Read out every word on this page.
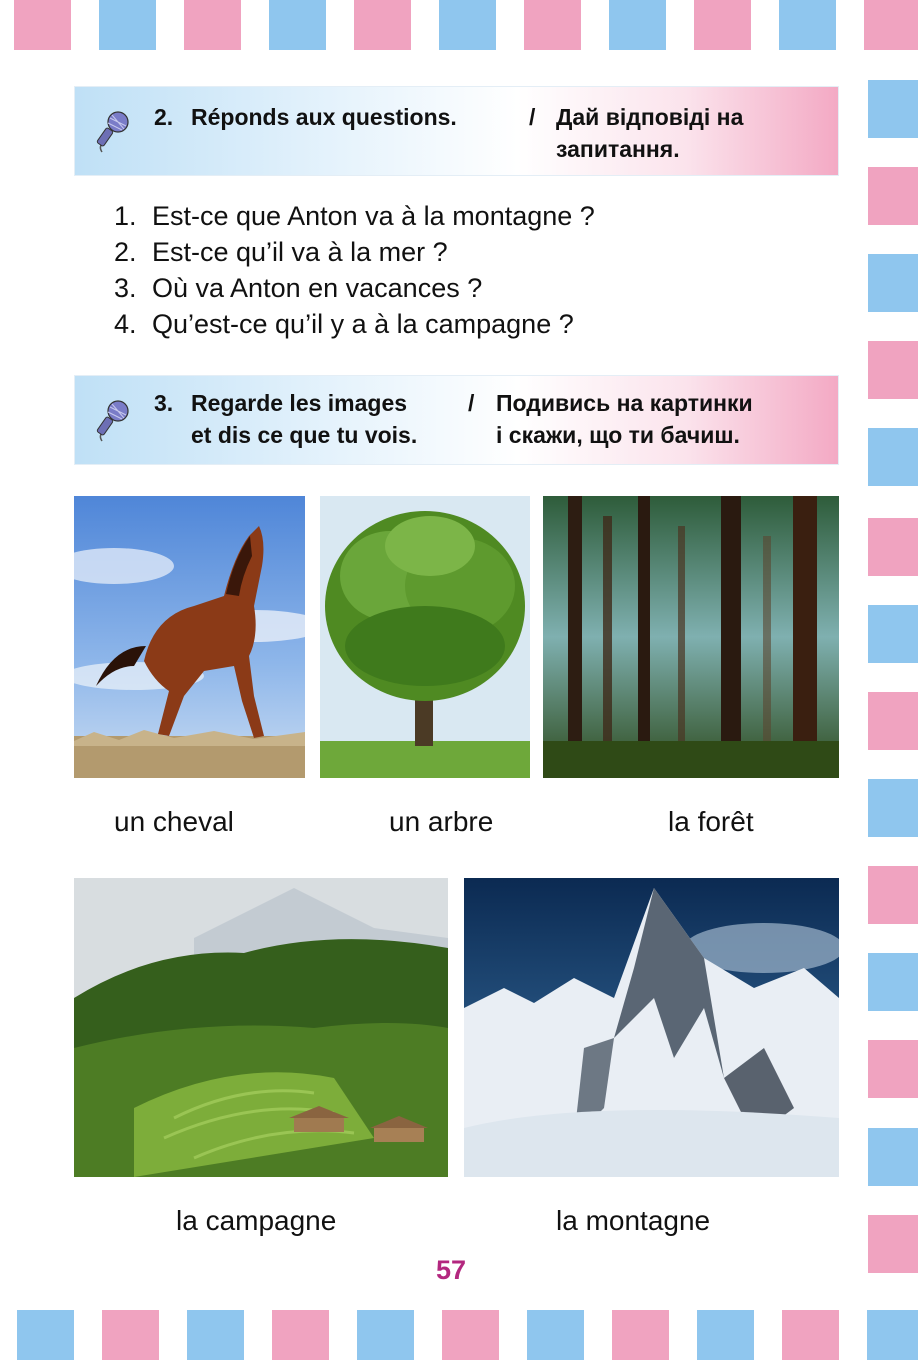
2. Réponds aux questions.	/ Дай відповіді на
запитання.
1. Est-ce que Anton va à la montagne ?
2. Est-ce qu’il va à la mer ?
3. Où va Anton en vacances ?
4. Qu’est-ce qu’il y a à la campagne ?
3. Regarde les images
et dis ce que tu vois.
/ Подивись на картинки
і скажи, що ти бачиш.
un cheval	un arbre	la forêt
la campagne	la montagne
57
